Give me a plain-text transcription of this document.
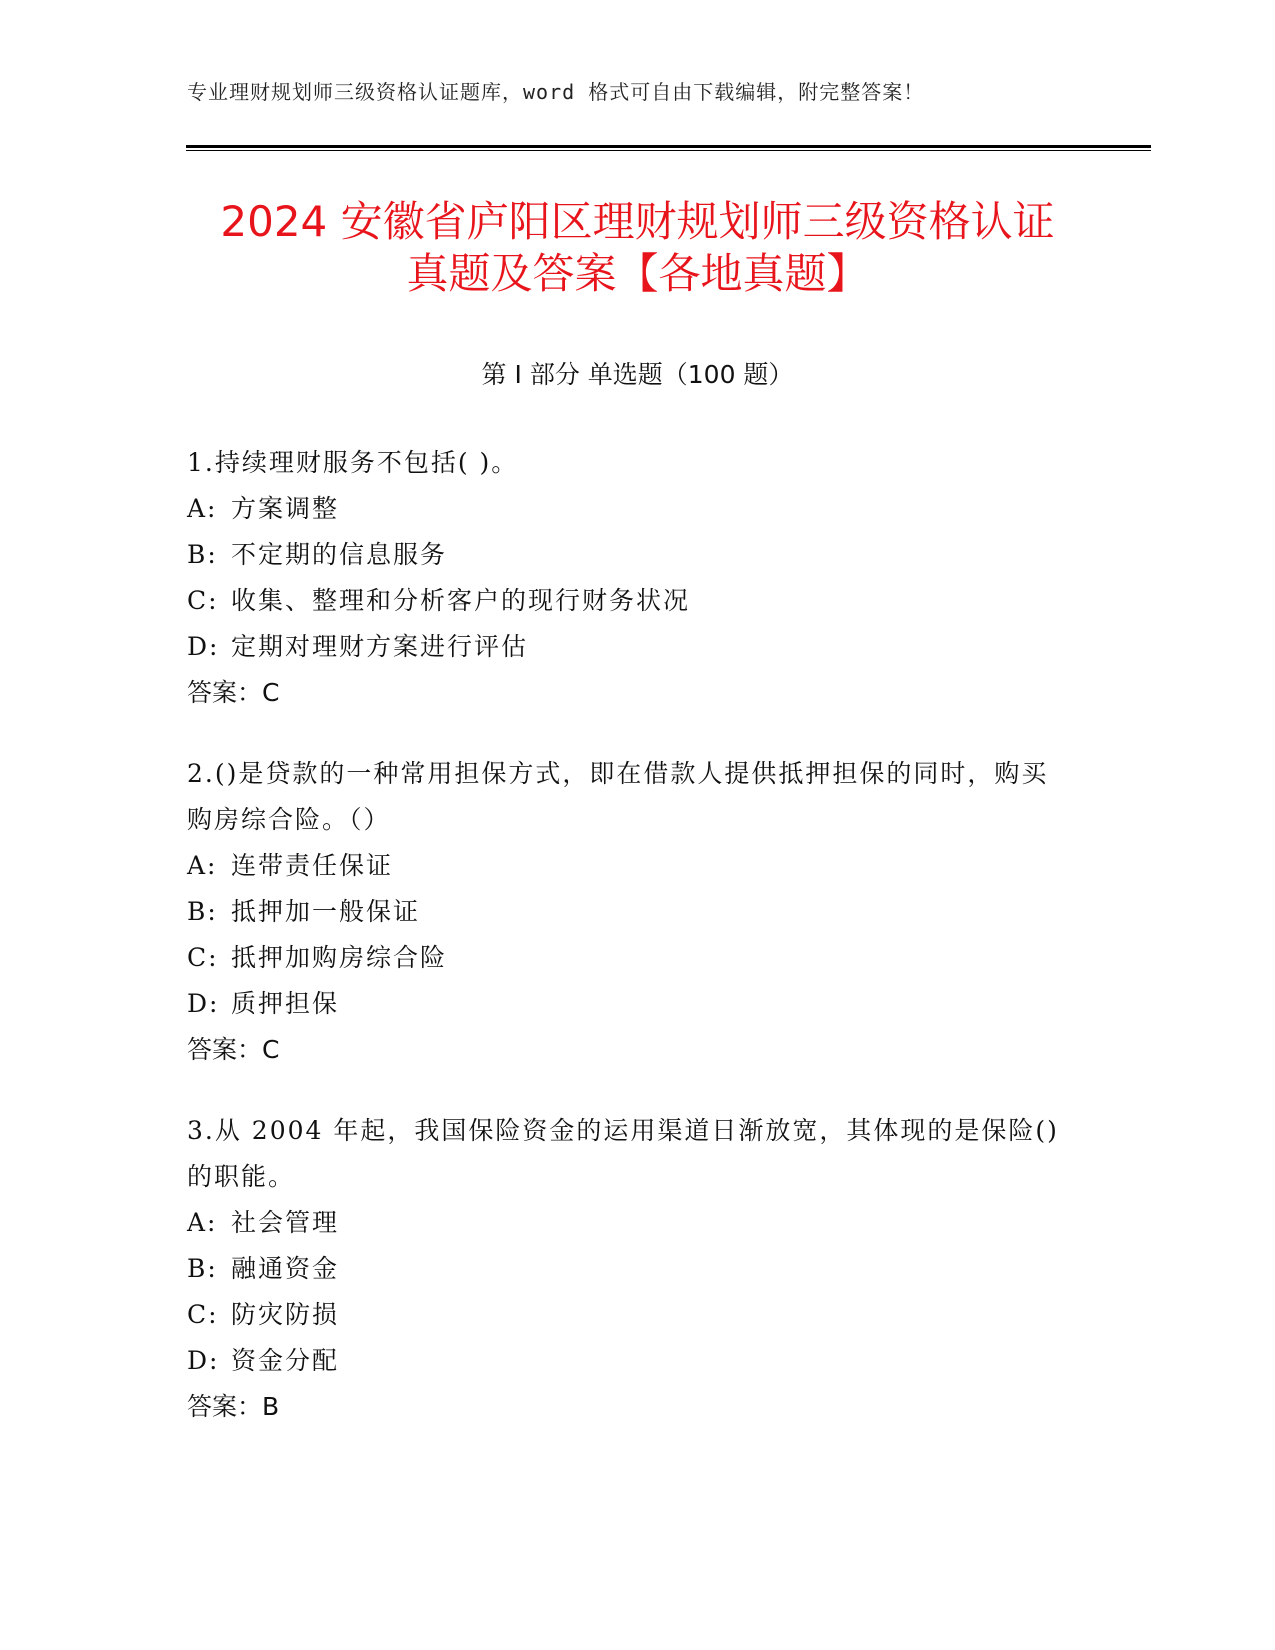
专业理财规划师三级资格认证题库，word 格式可自由下载编辑，附完整答案！
2024 安徽省庐阳区理财规划师三级资格认证
真题及答案【各地真题】
第 I 部分 单选题（100 题）
1.持续理财服务不包括( )。
A: 方案调整
B: 不定期的信息服务
C: 收集、整理和分析客户的现行财务状况
D: 定期对理财方案进行评估
答案：C
2.()是贷款的一种常用担保方式，即在借款人提供抵押担保的同时，购买购房综合险。（）
A: 连带责任保证
B: 抵押加一般保证
C: 抵押加购房综合险
D: 质押担保
答案：C
3.从 2004 年起，我国保险资金的运用渠道日渐放宽，其体现的是保险()的职能。
A: 社会管理
B: 融通资金
C: 防灾防损
D: 资金分配
答案：B
